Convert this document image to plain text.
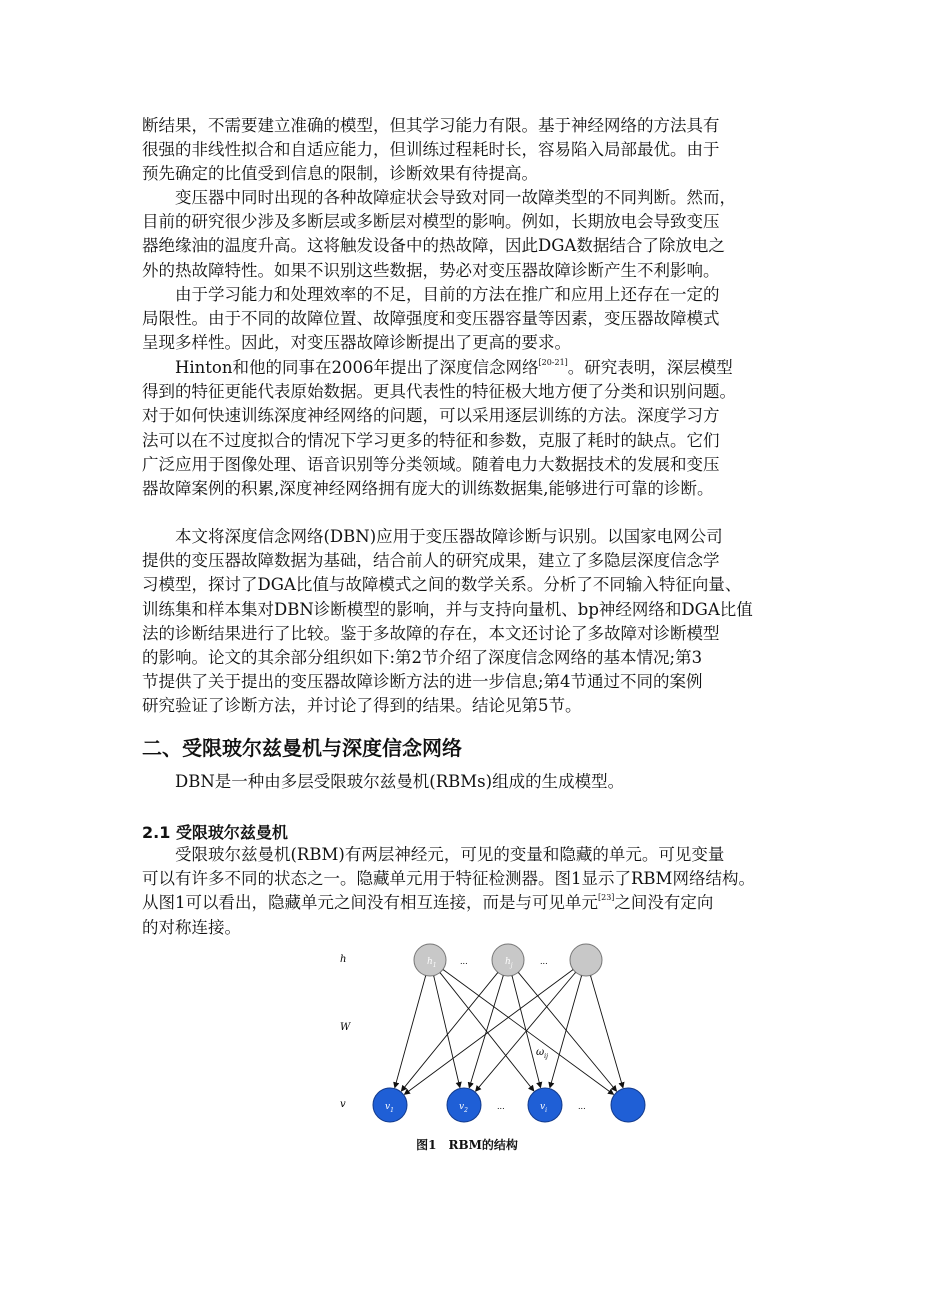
断结果，不需要建立准确的模型，但其学习能力有限。基于神经网络的方法具有
很强的非线性拟合和自适应能力，但训练过程耗时长，容易陷入局部最优。由于
预先确定的比值受到信息的限制，诊断效果有待提高。
变压器中同时出现的各种故障症状会导致对同一故障类型的不同判断。然而，
目前的研究很少涉及多断层或多断层对模型的影响。例如，长期放电会导致变压
器绝缘油的温度升高。这将触发设备中的热故障，因此DGA数据结合了除放电之
外的热故障特性。如果不识别这些数据，势必对变压器故障诊断产生不利影响。
由于学习能力和处理效率的不足，目前的方法在推广和应用上还存在一定的
局限性。由于不同的故障位置、故障强度和变压器容量等因素，变压器故障模式
呈现多样性。因此，对变压器故障诊断提出了更高的要求。
Hinton和他的同事在2006年提出了深度信念网络[20-21]。研究表明，深层模型
得到的特征更能代表原始数据。更具代表性的特征极大地方便了分类和识别问题。
对于如何快速训练深度神经网络的问题，可以采用逐层训练的方法。深度学习方
法可以在不过度拟合的情况下学习更多的特征和参数，克服了耗时的缺点。它们
广泛应用于图像处理、语音识别等分类领域。随着电力大数据技术的发展和变压
器故障案例的积累,深度神经网络拥有庞大的训练数据集,能够进行可靠的诊断。
本文将深度信念网络(DBN)应用于变压器故障诊断与识别。以国家电网公司
提供的变压器故障数据为基础，结合前人的研究成果，建立了多隐层深度信念学
习模型，探讨了DGA比值与故障模式之间的数学关系。分析了不同输入特征向量、
训练集和样本集对DBN诊断模型的影响，并与支持向量机、bp神经网络和DGA比值
法的诊断结果进行了比较。鉴于多故障的存在，本文还讨论了多故障对诊断模型
的影响。论文的其余部分组织如下:第2节介绍了深度信念网络的基本情况;第3
节提供了关于提出的变压器故障诊断方法的进一步信息;第4节通过不同的案例
研究验证了诊断方法，并讨论了得到的结果。结论见第5节。
二、受限玻尔兹曼机与深度信念网络
DBN是一种由多层受限玻尔兹曼机(RBMs)组成的生成模型。
2.1 受限玻尔兹曼机
受限玻尔兹曼机(RBM)有两层神经元，可见的变量和隐藏的单元。可见变量
可以有许多不同的状态之一。隐藏单元用于特征检测器。图1显示了RBM网络结构。
从图1可以看出，隐藏单元之间没有相互连接，而是与可见单元[23]之间没有定向
的对称连接。
h
W
v
$h_1$	...	$h_j$	...
$v_1$	$v_2$	...	$v_i$	...
$\omega_{ij}$
图1 RBM的结构
